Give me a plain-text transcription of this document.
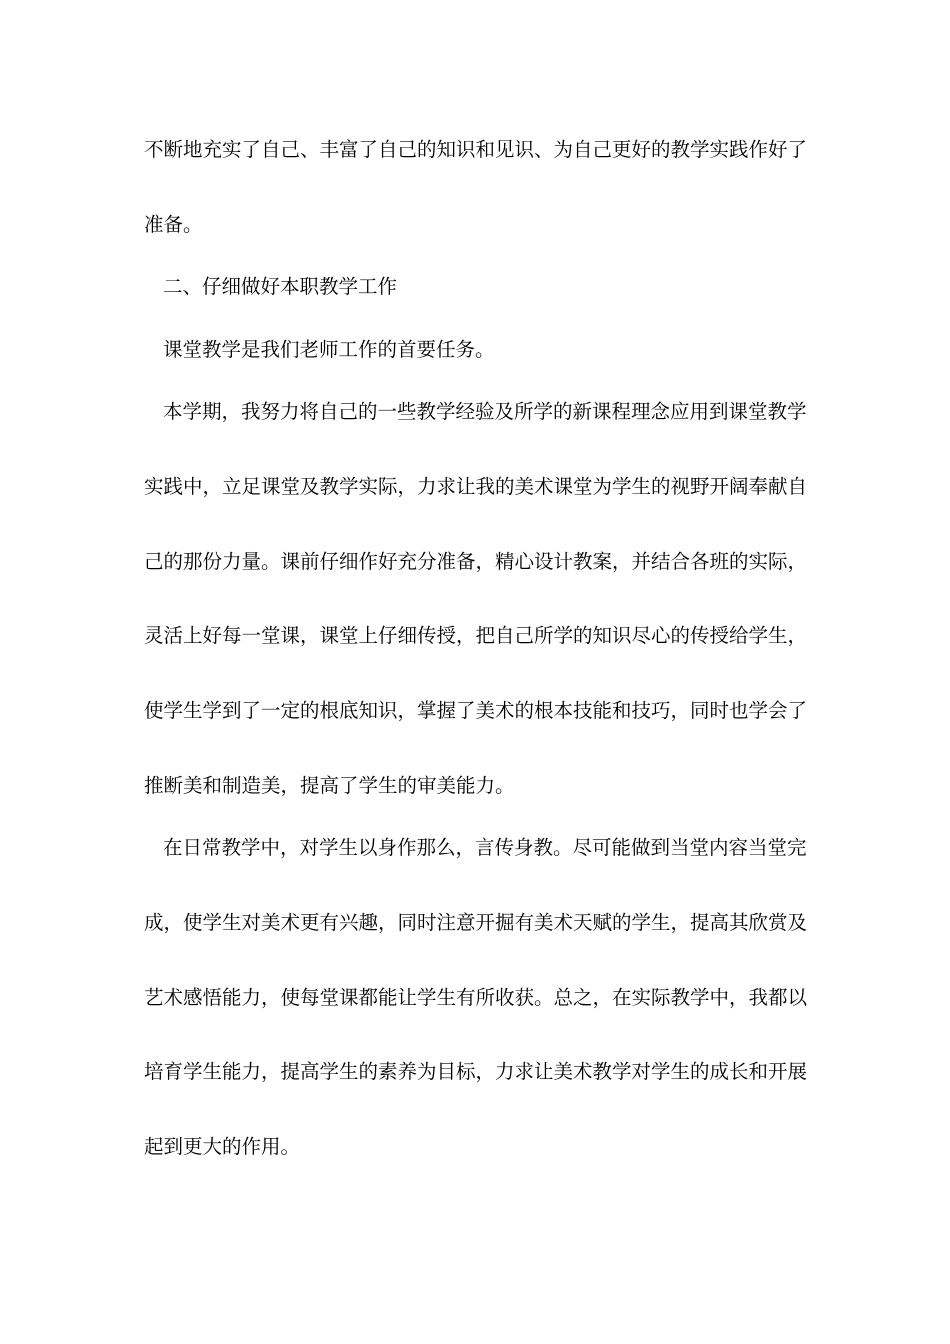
不断地充实了自己、丰富了自己的知识和见识、为自己更好的教学实践作好了
准备。
二、仔细做好本职教学工作
课堂教学是我们老师工作的首要任务。
本学期，我努力将自己的一些教学经验及所学的新课程理念应用到课堂教学
实践中，立足课堂及教学实际，力求让我的美术课堂为学生的视野开阔奉献自
己的那份力量。课前仔细作好充分准备，精心设计教案，并结合各班的实际，
灵活上好每一堂课，课堂上仔细传授，把自己所学的知识尽心的传授给学生，
使学生学到了一定的根底知识，掌握了美术的根本技能和技巧，同时也学会了
推断美和制造美，提高了学生的审美能力。
在日常教学中，对学生以身作那么，言传身教。尽可能做到当堂内容当堂完
成，使学生对美术更有兴趣，同时注意开掘有美术天赋的学生，提高其欣赏及
艺术感悟能力，使每堂课都能让学生有所收获。总之，在实际教学中，我都以
培育学生能力，提高学生的素养为目标，力求让美术教学对学生的成长和开展
起到更大的作用。
